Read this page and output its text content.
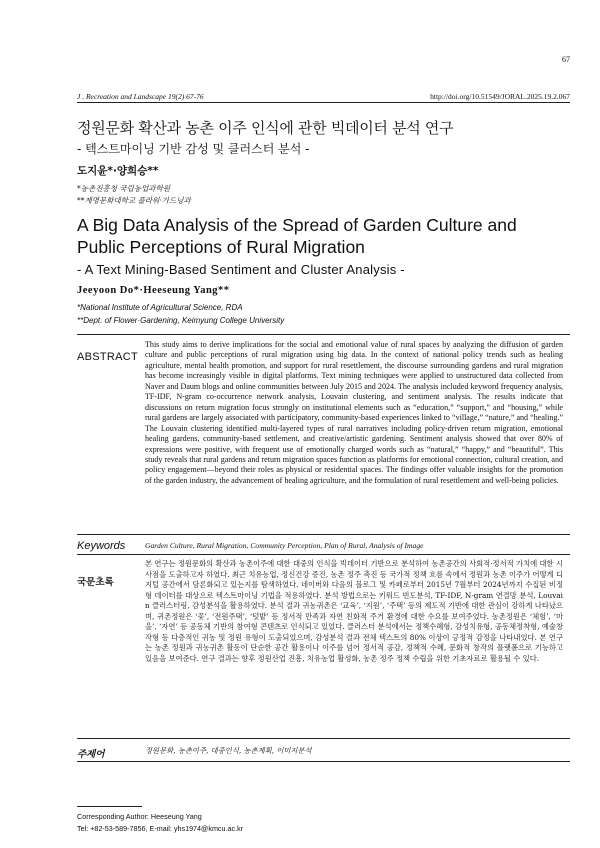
67
J . Recreation and Landscape 19(2) 67-76	http://doi.org/10.51549/JORAL.2025.19.2.067
정원문화 확산과 농촌 이주 인식에 관한 빅데이터 분석 연구
- 텍스트마이닝 기반 감성 및 클러스터 분석 -
도지윤*·양희승**
*농촌진흥청 국립농업과학원
**계명문화대학교 플라워·가드닝과
A Big Data Analysis of the Spread of Garden Culture and Public Perceptions of Rural Migration
- A Text Mining-Based Sentiment and Cluster Analysis -
Jeeyoon Do*·Heeseung Yang**
*National Institute of Agricultural Science, RDA
**Dept. of Flower·Gardening, Keimyung College University
ABSTRACT
This study aims to derive implications for the social and emotional value of rural spaces by analyzing the diffusion of garden culture and public perceptions of rural migration using big data. In the context of national policy trends such as healing agriculture, mental health promotion, and support for rural resettlement, the discourse surrounding gardens and rural migration has become increasingly visible in digital platforms. Text mining techniques were applied to unstructured data collected from Naver and Daum blogs and online communities between July 2015 and 2024. The analysis included keyword frequency analysis, TF-IDF, N-gram co-occurrence network analysis, Louvain clustering, and sentiment analysis. The results indicate that discussions on return migration focus strongly on institutional elements such as “education,” “support,” and “housing,” while rural gardens are largely associated with participatory, community-based experiences linked to “village,” “nature,” and “healing.” The Louvain clustering identified multi-layered types of rural narratives including policy-driven return migration, emotional healing gardens, community-based settlement, and creative/artistic gardening. Sentiment analysis showed that over 80% of expressions were positive, with frequent use of emotionally charged words such as “natural,” “happy,” and “beautiful”. This study reveals that rural gardens and return migration spaces function as platforms for emotional connection, cultural creation, and policy engagement—beyond their roles as physical or residential spaces. The findings offer valuable insights for the promotion of the garden industry, the advancement of healing agriculture, and the formulation of rural resettlement and well-being policies.
Keywords	Garden Culture, Rural Migration, Community Perception, Plan of Rural, Analysis of Image
국문초록
본 연구는 정원문화의 확산과 농촌이주에 대한 대중의 인식을 빅데이터 기반으로 분석하여 농촌공간의 사회적·정서적 가치에 대한 시사점을 도출하고자 하였다. 최근 치유농업, 정신건강 증진, 농촌 정주 촉진 등 국가적 정책 흐름 속에서 정원과 농촌 이주가 어떻게 디지털 공간에서 담론화되고 있는지를 탐색하였다. 네이버와 다음의 블로그 및 카페로부터 2015년 7월부터 2024년까지 수집된 비정형 데이터를 대상으로 텍스트마이닝 기법을 적용하였다. 분석 방법으로는 키워드 빈도분석, TF-IDF, N-gram 연결망 분석, Louvain 클러스터링, 감성분석을 활용하였다. 분석 결과 귀농귀촌은 ‘교육’, ‘지원’, ‘주택’ 등의 제도적 기반에 대한 관심이 강하게 나타났으며, 귀촌정원은 ‘꽃’, ‘전원주택’, ‘텃밭’ 등 정서적 만족과 자연 친화적 주거 환경에 대한 수요를 보여주었다. 농촌정원은 ‘체험’, ‘마을’, ‘자연’ 등 공동체 기반의 참여형 콘텐츠로 인식되고 있었다. 클러스터 분석에서는 정책수혜형, 감성치유형, 공동체정착형, 예술창작형 등 다층적인 귀농 및 정원 유형이 도출되었으며, 감성분석 결과 전체 텍스트의 80% 이상이 긍정적 감정을 나타내었다. 본 연구는 농촌 정원과 귀농귀촌 활동이 단순한 공간 활용이나 이주를 넘어 정서적 공감, 정책적 수혜, 문화적 창작의 플랫폼으로 기능하고 있음을 보여준다. 연구 결과는 향후 정원산업 진흥, 치유농업 활성화, 농촌 정주 정책 수립을 위한 기초자료로 활용될 수 있다.
주제어	정원문화, 농촌이주, 대중인식, 농촌계획, 이미지분석
Corresponding Author: Heeseung Yang
Tel: +82-53-589-7856, E-mail: yhs1974@kmcu.ac.kr
